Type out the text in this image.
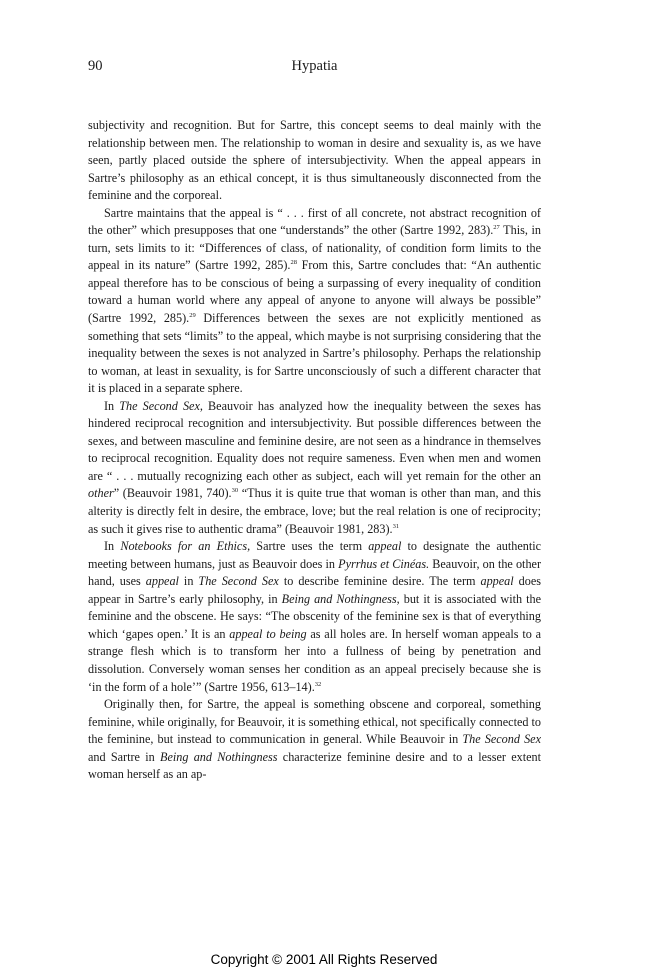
90	Hypatia

subjectivity and recognition. But for Sartre, this concept seems to deal mainly with the relationship between men. The relationship to woman in desire and sexuality is, as we have seen, partly placed outside the sphere of intersubjectivity. When the appeal appears in Sartre’s philosophy as an ethical concept, it is thus simultaneously disconnected from the feminine and the corporeal.

Sartre maintains that the appeal is “ . . . first of all concrete, not abstract recognition of the other” which presupposes that one “understands” the other (Sartre 1992, 283).$^{27}$ This, in turn, sets limits to it: “Differences of class, of nationality, of condition form limits to the appeal in its nature” (Sartre 1992, 285).$^{28}$ From this, Sartre concludes that: “An authentic appeal therefore has to be conscious of being a surpassing of every inequality of condition toward a human world where any appeal of anyone to anyone will always be possible” (Sartre 1992, 285).$^{29}$ Differences between the sexes are not explicitly mentioned as something that sets “limits” to the appeal, which maybe is not surprising considering that the inequality between the sexes is not analyzed in Sartre’s philosophy. Perhaps the relationship to woman, at least in sexuality, is for Sartre unconsciously of such a different character that it is placed in a separate sphere.

In The Second Sex, Beauvoir has analyzed how the inequality between the sexes has hindered reciprocal recognition and intersubjectivity. But possible differences between the sexes, and between masculine and feminine desire, are not seen as a hindrance in themselves to reciprocal recognition. Equality does not require sameness. Even when men and women are “ . . . mutually recognizing each other as subject, each will yet remain for the other an other” (Beauvoir 1981, 740).$^{30}$ “Thus it is quite true that woman is other than man, and this alterity is directly felt in desire, the embrace, love; but the real relation is one of reciprocity; as such it gives rise to authentic drama” (Beauvoir 1981, 283).$^{31}$

In Notebooks for an Ethics, Sartre uses the term appeal to designate the authentic meeting between humans, just as Beauvoir does in Pyrrhus et Cinéas. Beauvoir, on the other hand, uses appeal in The Second Sex to describe feminine desire. The term appeal does appear in Sartre’s early philosophy, in Being and Nothingness, but it is associated with the feminine and the obscene. He says: “The obscenity of the feminine sex is that of everything which ‘gapes open.’ It is an appeal to being as all holes are. In herself woman appeals to a strange flesh which is to transform her into a fullness of being by penetration and dissolution. Conversely woman senses her condition as an appeal precisely because she is ‘in the form of a hole’” (Sartre 1956, 613–14).$^{32}$

Originally then, for Sartre, the appeal is something obscene and corporeal, something feminine, while originally, for Beauvoir, it is something ethical, not specifically connected to the feminine, but instead to communication in general. While Beauvoir in The Second Sex and Sartre in Being and Nothingness characterize feminine desire and to a lesser extent woman herself as an ap-

Copyright © 2001 All Rights Reserved
